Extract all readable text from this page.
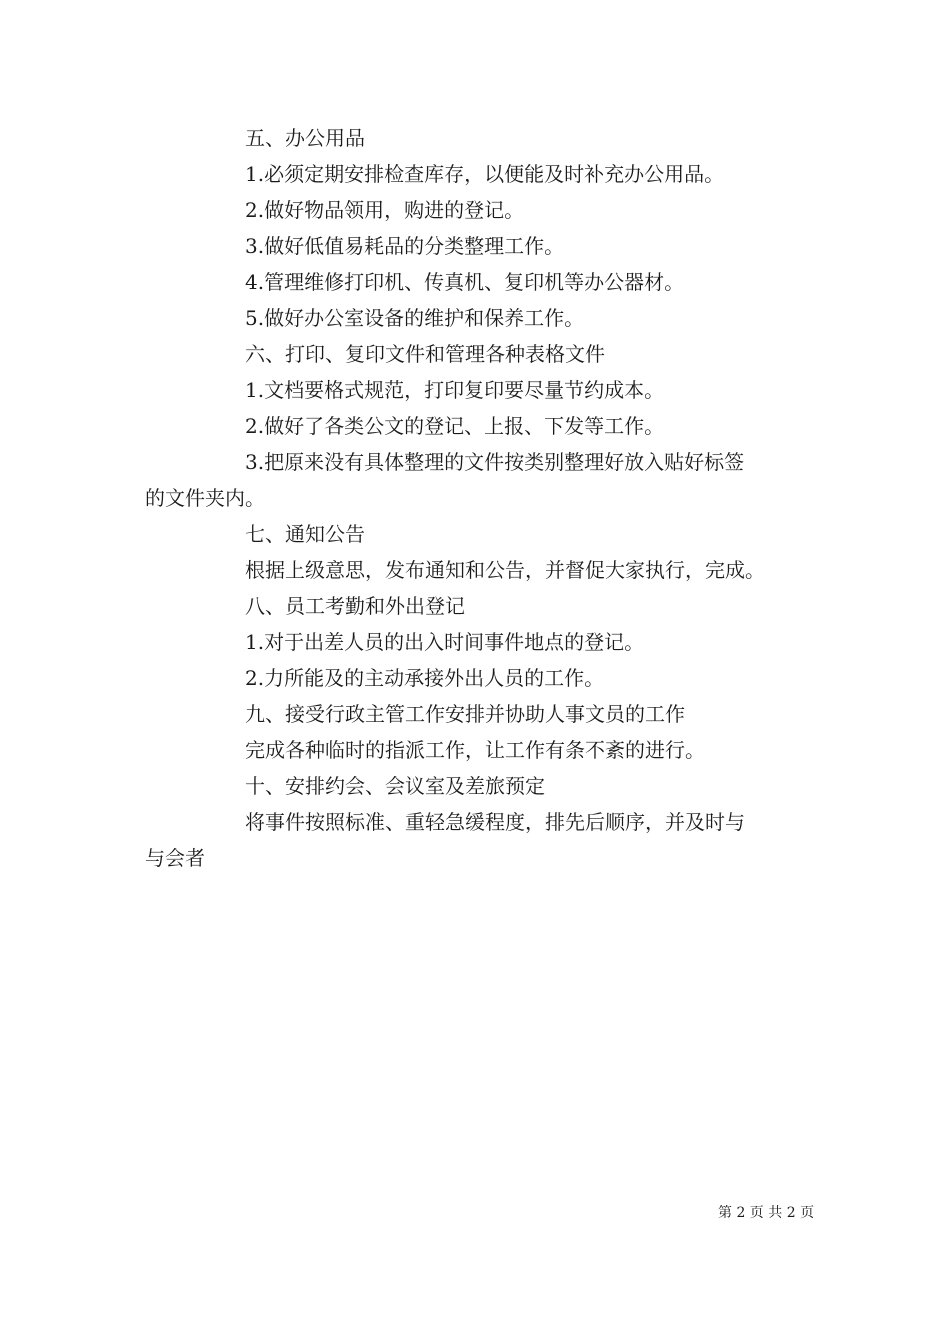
五、办公用品
1.必须定期安排检查库存，以便能及时补充办公用品。
2.做好物品领用，购进的登记。
3.做好低值易耗品的分类整理工作。
4.管理维修打印机、传真机、复印机等办公器材。
5.做好办公室设备的维护和保养工作。
六、打印、复印文件和管理各种表格文件
1.文档要格式规范，打印复印要尽量节约成本。
2.做好了各类公文的登记、上报、下发等工作。
3.把原来没有具体整理的文件按类别整理好放入贴好标签
的文件夹内。
七、通知公告
根据上级意思，发布通知和公告，并督促大家执行，完成。
八、员工考勤和外出登记
1.对于出差人员的出入时间事件地点的登记。
2.力所能及的主动承接外出人员的工作。
九、接受行政主管工作安排并协助人事文员的工作
完成各种临时的指派工作，让工作有条不紊的进行。
十、安排约会、会议室及差旅预定
将事件按照标准、重轻急缓程度，排先后顺序，并及时与
与会者
第 2 页 共 2 页
